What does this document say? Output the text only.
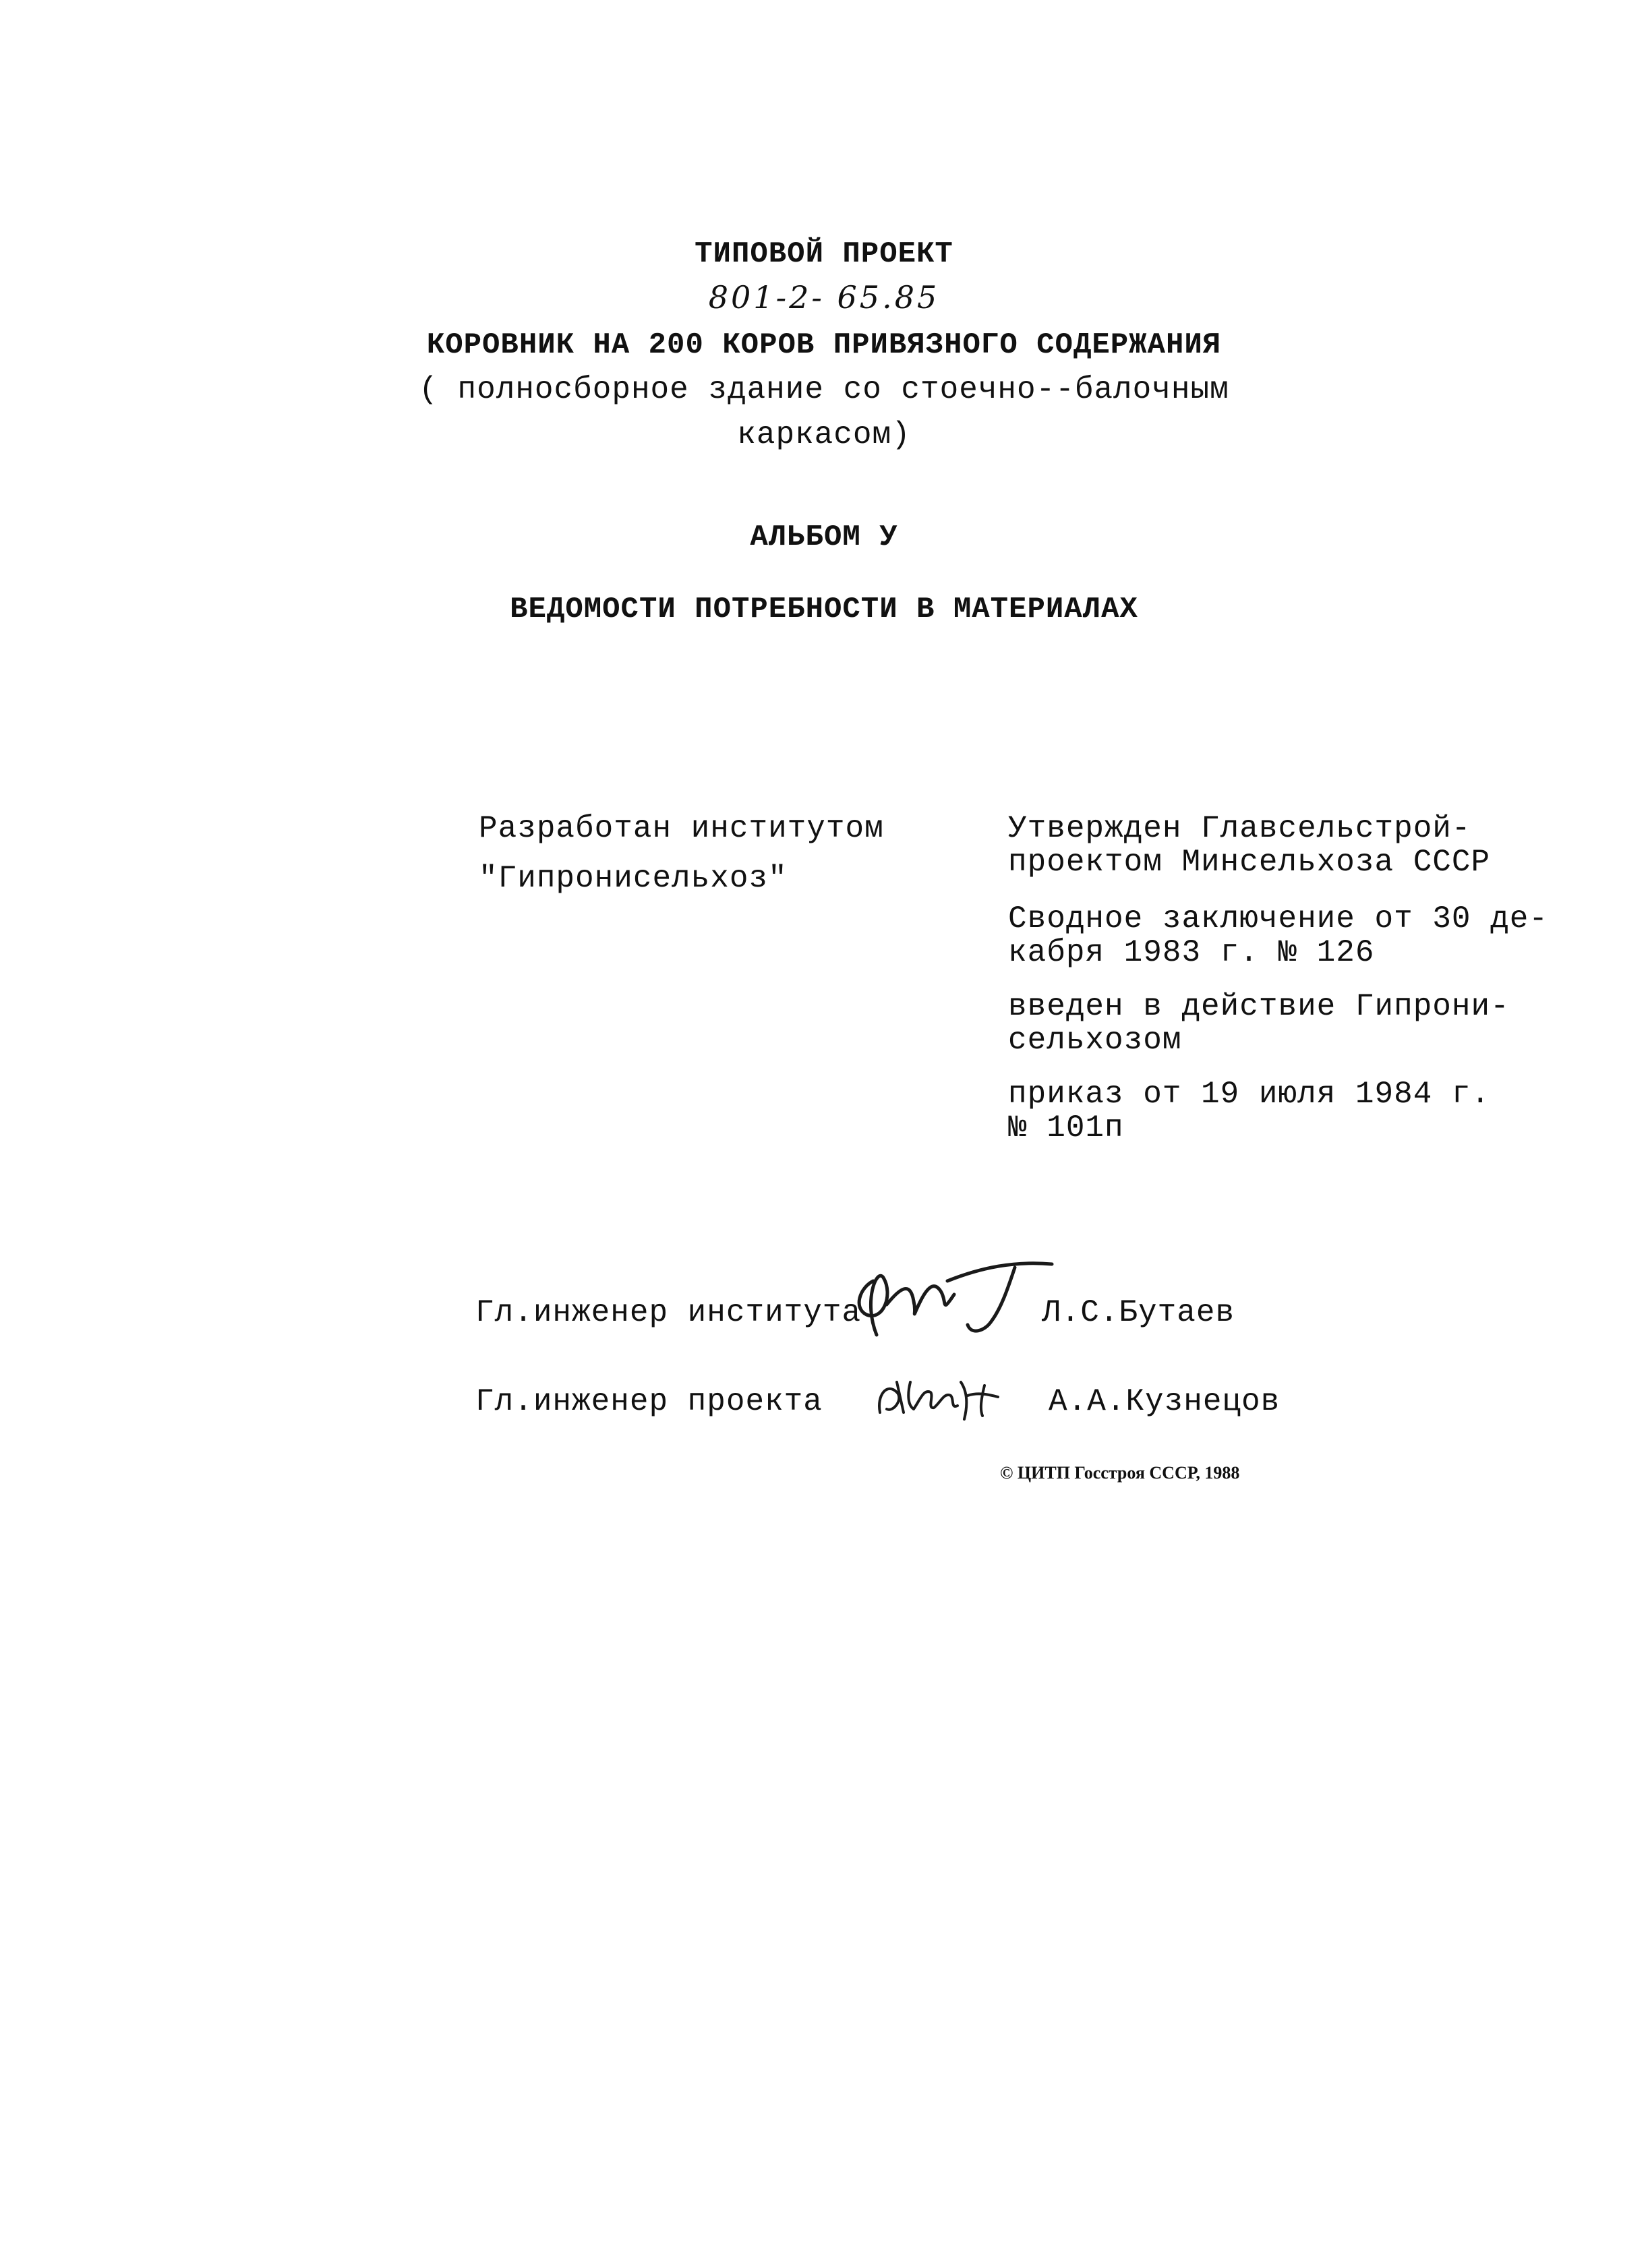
ТИПОВОЙ ПРОЕКТ
801-2- 65.85
КОРОВНИК НА 200 КОРОВ ПРИВЯЗНОГО СОДЕРЖАНИЯ
( полносборное здание со стоечно--балочным
каркасом)
АЛЬБОМ У
ВЕДОМОСТИ ПОТРЕБНОСТИ В МАТЕРИАЛАХ
Разработан институтом
"Гипронисельхоз"
Утвержден Главсельстрой-
проектом Минсельхоза СССР
Сводное заключение от 30 де-
кабря 1983 г. № 126
введен в действие Гипрони-
сельхозом
приказ от 19 июля 1984 г.
№ 101п
Гл.инженер института	Л.С.Бутаев
Гл.инженер проекта	А.А.Кузнецов
© ЦИТП Госстроя СССР, 1988
